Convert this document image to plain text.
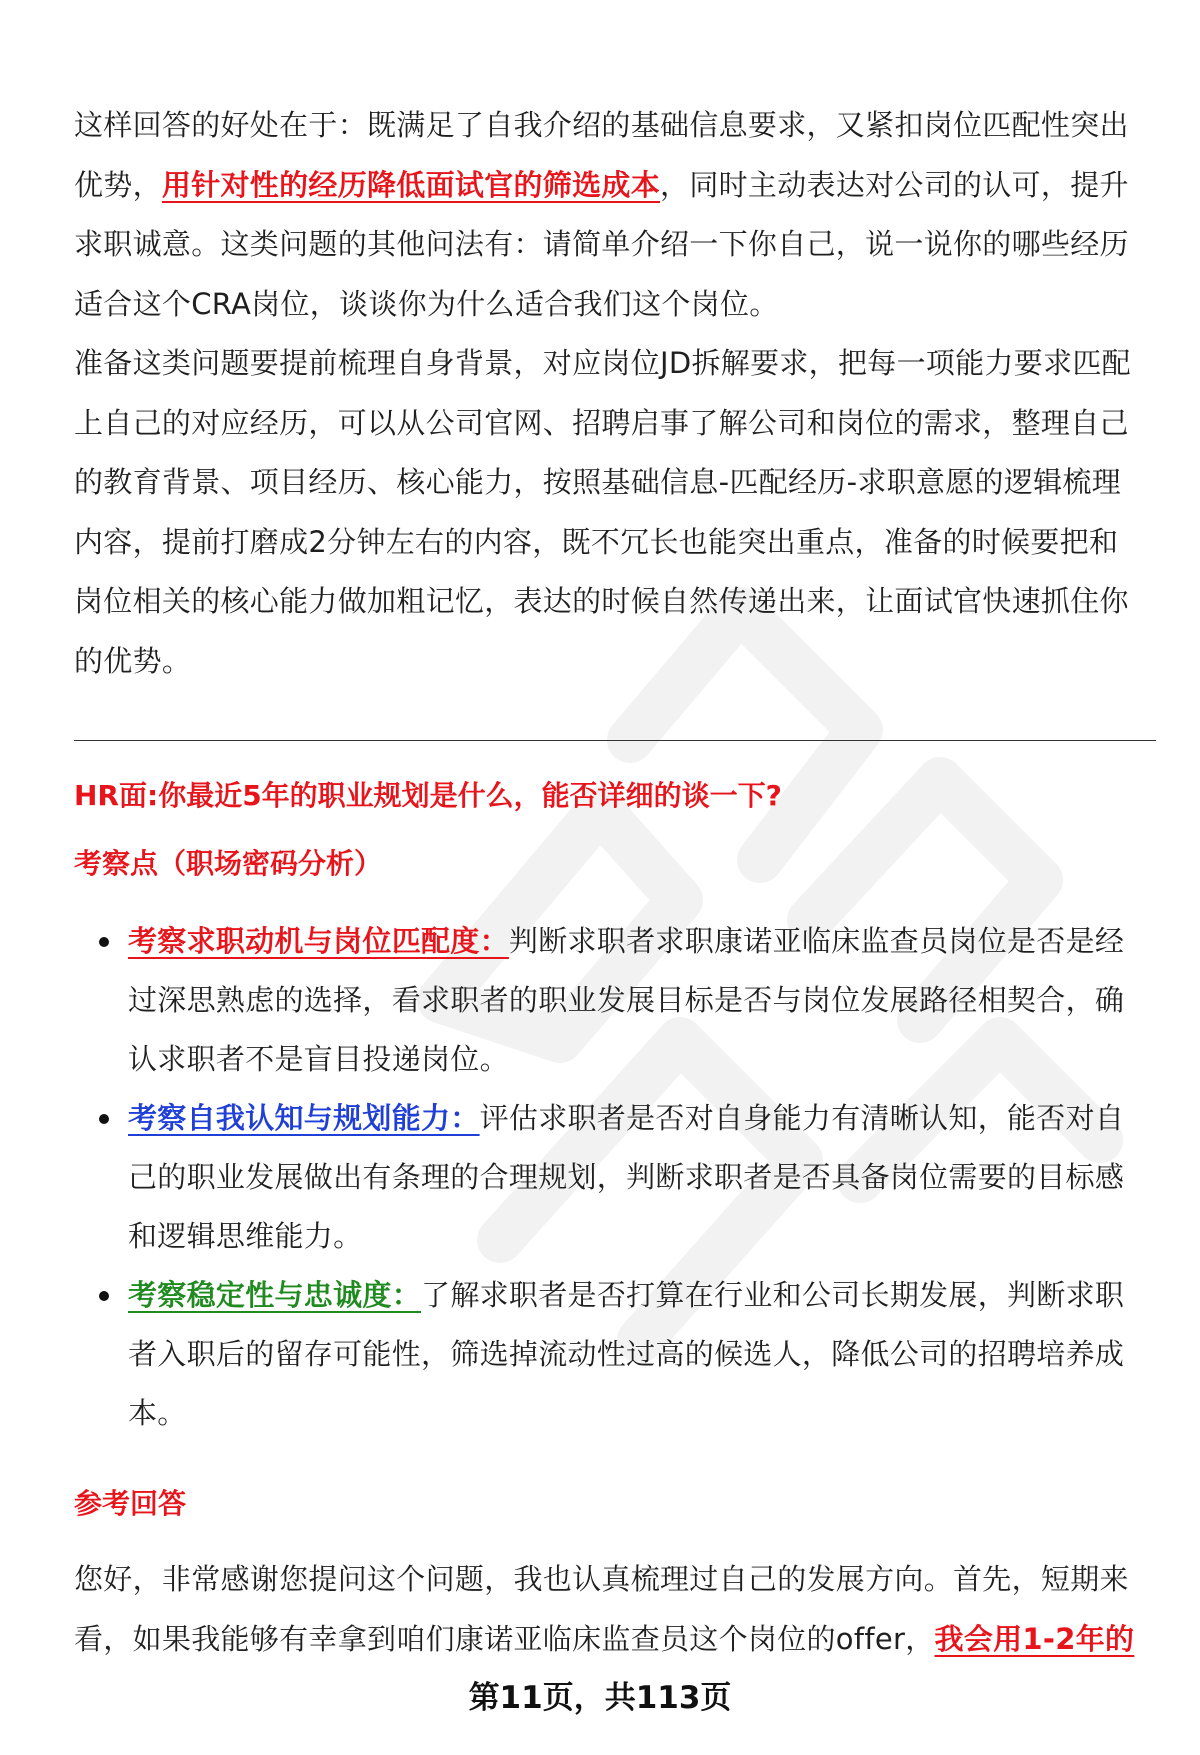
这样回答的好处在于：既满足了自我介绍的基础信息要求，又紧扣岗位匹配性突出优势，用针对性的经历降低面试官的筛选成本，同时主动表达对公司的认可，提升求职诚意。这类问题的其他问法有：请简单介绍一下你自己，说一说你的哪些经历适合这个CRA岗位，谈谈你为什么适合我们这个岗位。

准备这类问题要提前梳理自身背景，对应岗位JD拆解要求，把每一项能力要求匹配上自己的对应经历，可以从公司官网、招聘启事了解公司和岗位的需求，整理自己的教育背景、项目经历、核心能力，按照基础信息-匹配经历-求职意愿的逻辑梳理内容，提前打磨成2分钟左右的内容，既不冗长也能突出重点，准备的时候要把和岗位相关的核心能力做加粗记忆，表达的时候自然传递出来，让面试官快速抓住你的优势。

HR面:你最近5年的职业规划是什么，能否详细的谈一下?
考察点（职场密码分析）
考察求职动机与岗位匹配度：判断求职者求职康诺亚临床监查员岗位是否是经过深思熟虑的选择，看求职者的职业发展目标是否与岗位发展路径相契合，确认求职者不是盲目投递岗位。
考察自我认知与规划能力：评估求职者是否对自身能力有清晰认知，能否对自己的职业发展做出有条理的合理规划，判断求职者是否具备岗位需要的目标感和逻辑思维能力。
考察稳定性与忠诚度：了解求职者是否打算在行业和公司长期发展，判断求职者入职后的留存可能性，筛选掉流动性过高的候选人，降低公司的招聘培养成本。
参考回答

您好，非常感谢您提问这个问题，我也认真梳理过自己的发展方向。首先，短期来看，如果我能够有幸拿到咱们康诺亚临床监查员这个岗位的offer，我会用1-2年的

第11页，共113页
